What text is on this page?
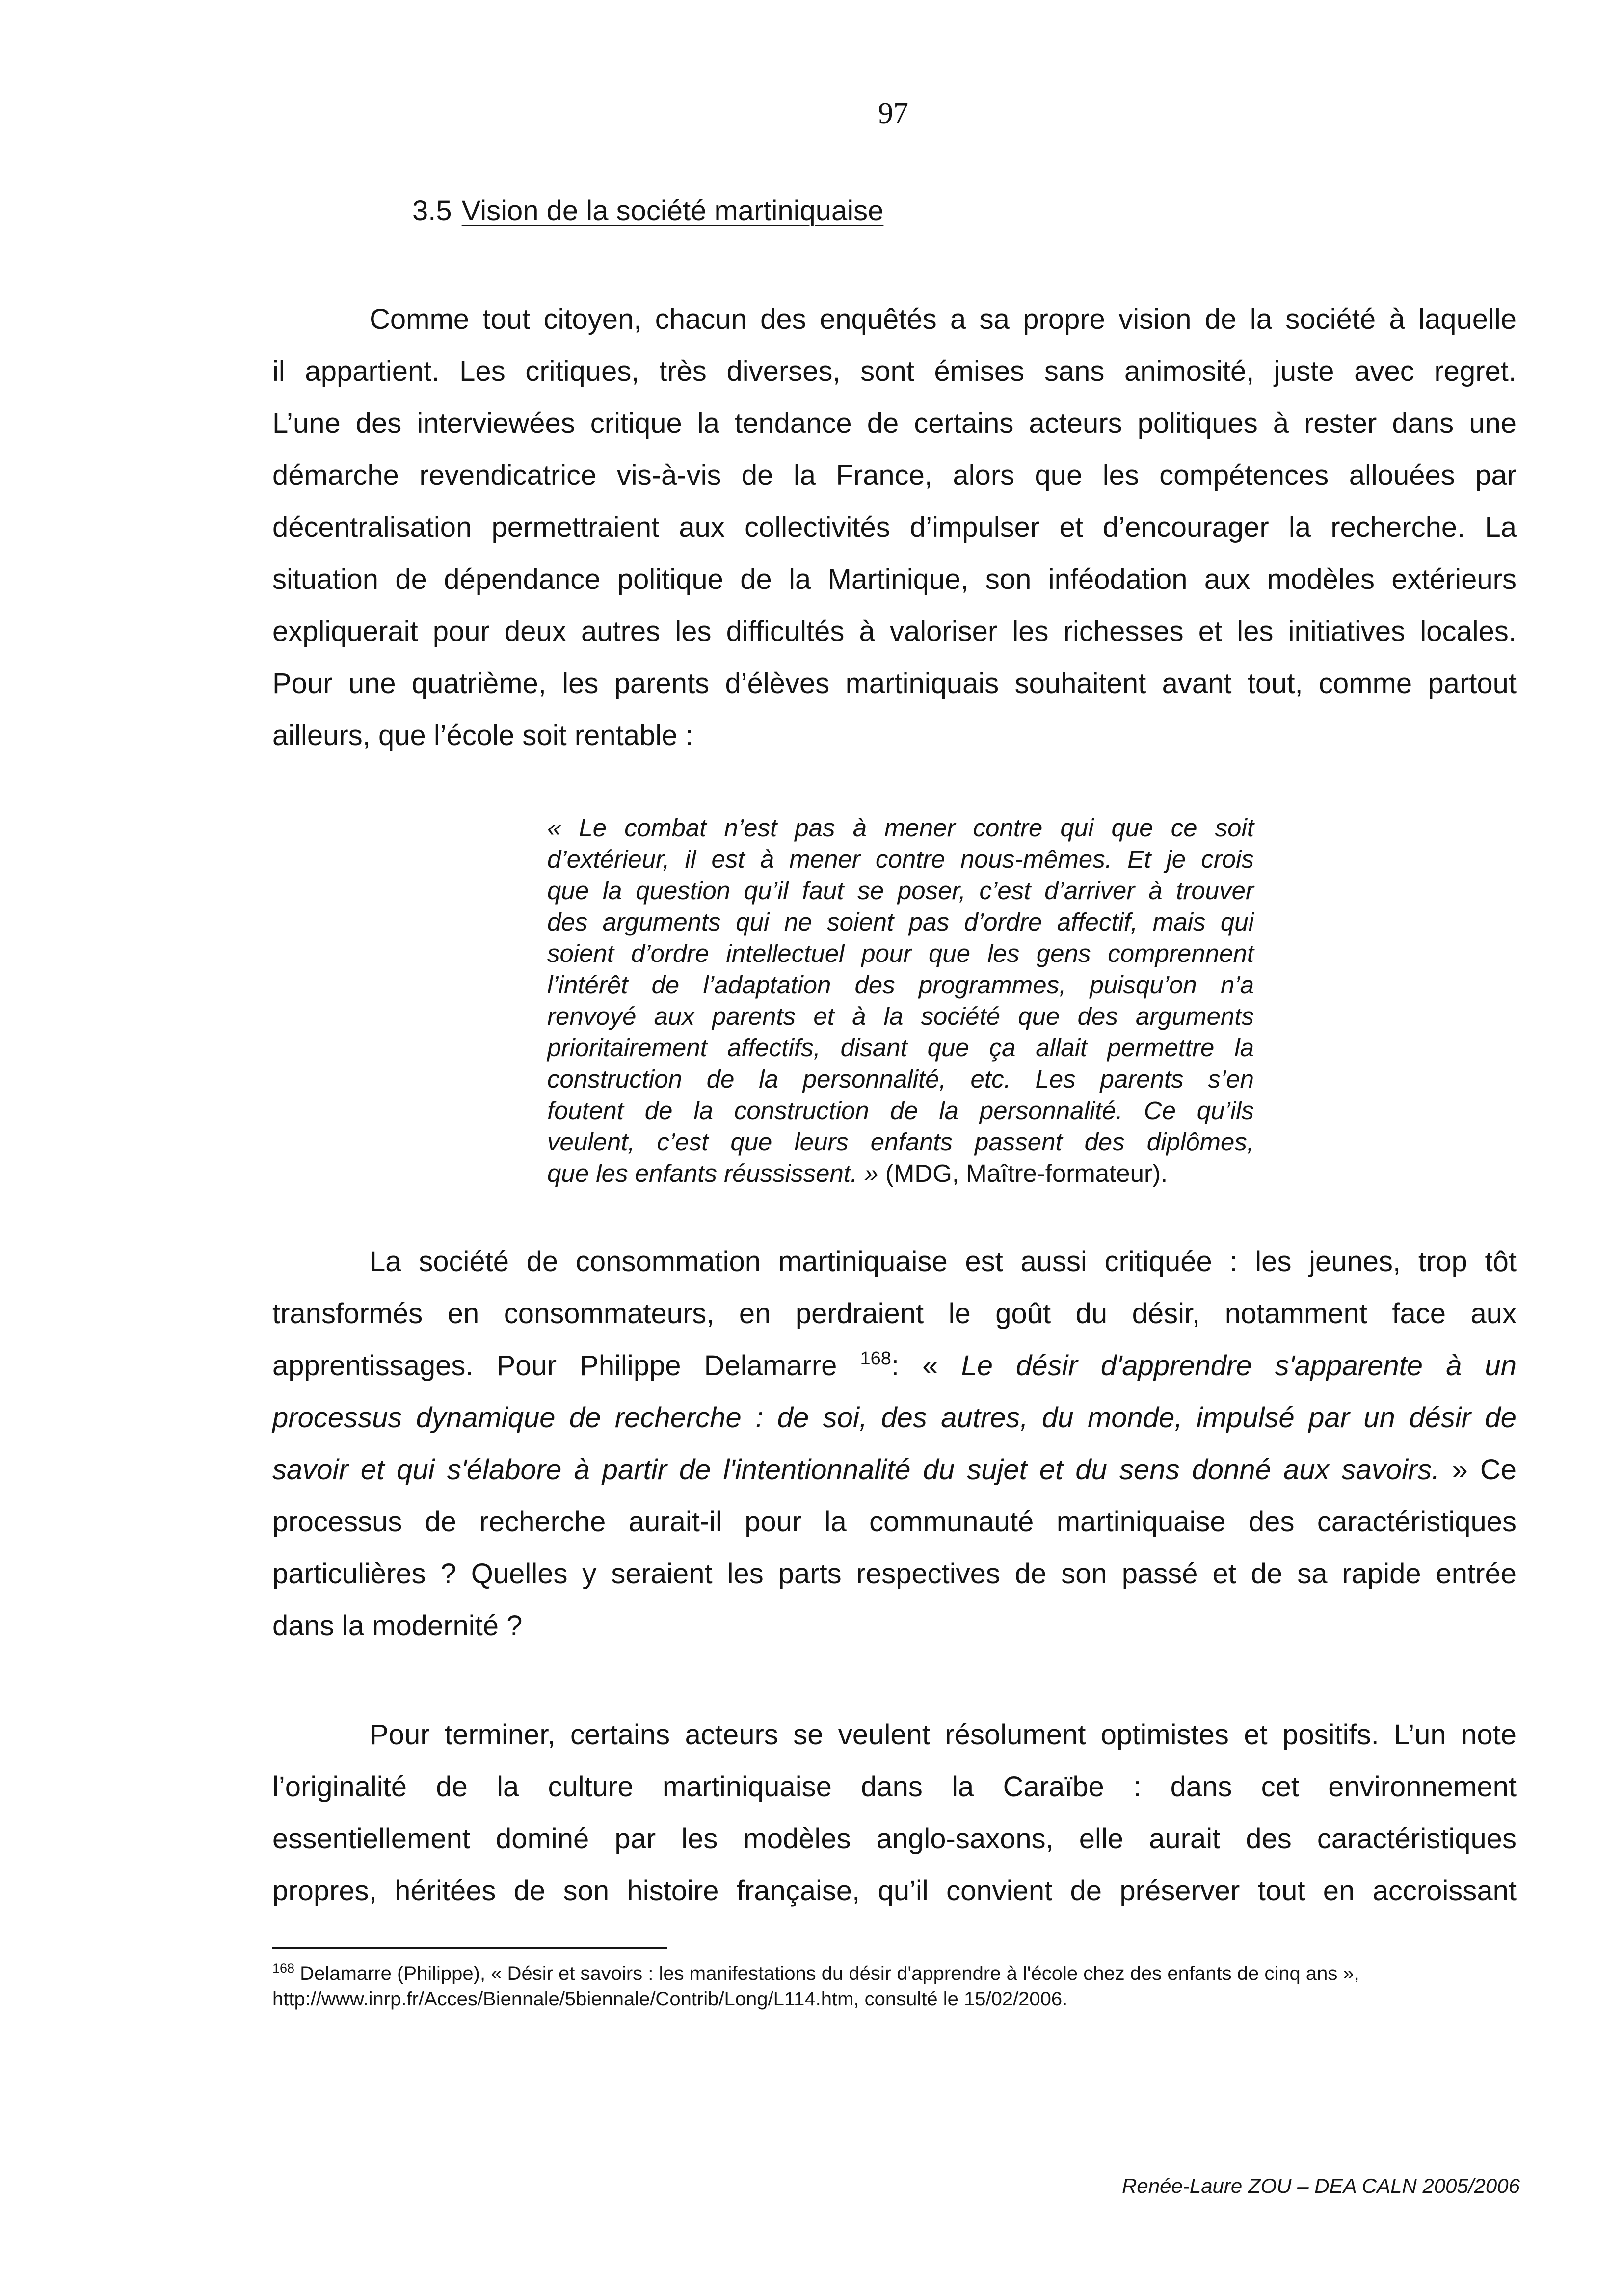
97
3.5 Vision de la société martiniquaise
Comme tout citoyen, chacun des enquêtés a sa propre vision de la société à laquelle
il appartient. Les critiques, très diverses, sont émises sans animosité, juste avec regret.
L’une des interviewées critique la tendance de certains acteurs politiques à rester dans une
démarche revendicatrice vis-à-vis de la France, alors que les compétences allouées par
décentralisation permettraient aux collectivités d’impulser et d’encourager la recherche. La
situation de dépendance politique de la Martinique, son inféodation aux modèles extérieurs
expliquerait pour deux autres les difficultés à valoriser les richesses et les initiatives locales.
Pour une quatrième, les parents d’élèves martiniquais souhaitent avant tout, comme partout
ailleurs, que l’école soit rentable :
« Le combat n’est pas à mener contre qui que ce soit
d’extérieur, il est à mener contre nous-mêmes. Et je crois
que la question qu’il faut se poser, c’est d’arriver à trouver
des arguments qui ne soient pas d’ordre affectif, mais qui
soient d’ordre intellectuel pour que les gens comprennent
l’intérêt de l’adaptation des programmes, puisqu’on n’a
renvoyé aux parents et à la société que des arguments
prioritairement affectifs, disant que ça allait permettre la
construction de la personnalité, etc. Les parents s’en
foutent de la construction de la personnalité. Ce qu’ils
veulent, c’est que leurs enfants passent des diplômes,
que les enfants réussissent. » (MDG, Maître-formateur).
La société de consommation martiniquaise est aussi critiquée : les jeunes, trop tôt
transformés en consommateurs, en perdraient le goût du désir, notamment face aux
apprentissages. Pour Philippe Delamarre $^{168}$: « Le désir d'apprendre s'apparente à un
processus dynamique de recherche : de soi, des autres, du monde, impulsé par un désir de
savoir et qui s'élabore à partir de l'intentionnalité du sujet et du sens donné aux savoirs. » Ce
processus de recherche aurait-il pour la communauté martiniquaise des caractéristiques
particulières ? Quelles y seraient les parts respectives de son passé et de sa rapide entrée
dans la modernité ?
Pour terminer, certains acteurs se veulent résolument optimistes et positifs. L’un note
l’originalité de la culture martiniquaise dans la Caraïbe : dans cet environnement
essentiellement dominé par les modèles anglo-saxons, elle aurait des caractéristiques
propres, héritées de son histoire française, qu’il convient de préserver tout en accroissant
$^{168}$ Delamarre (Philippe), « Désir et savoirs : les manifestations du désir d'apprendre à l'école chez des enfants de cinq ans »,
http://www.inrp.fr/Acces/Biennale/5biennale/Contrib/Long/L114.htm, consulté le 15/02/2006.
Renée-Laure ZOU – DEA CALN 2005/2006
